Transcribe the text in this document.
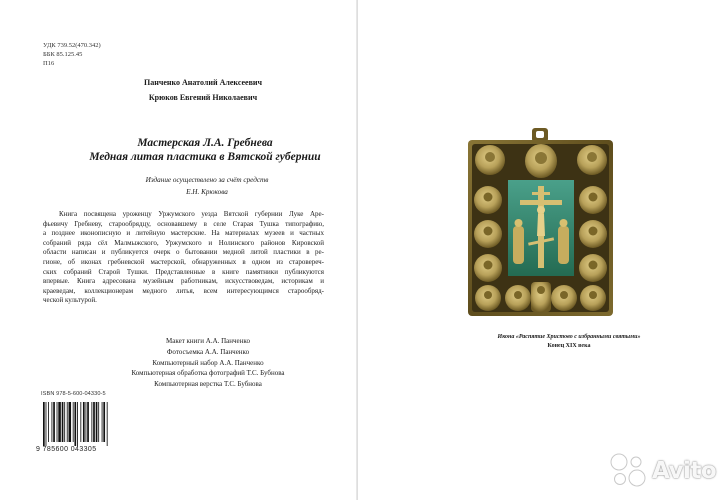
УДК 739.52(470.342)
ББК 85.125.45
П16
Панченко Анатолий Алексеевич
Крюков Евгений Николаевич
Мастерская Л.А. Гребнева
Медная литая пластика в Вятской губернии
Издание осуществлено за счёт средств
Е.Н. Крюкова
Книга посвящена уроженцу Уржумского уезда Вятской губернии Луке Аре-
фьевичу Гребневу, старообрядцу, основавшему в селе Старая Тушка типографию,
а позднее иконописную и литейную мастерские. На материалах музеев и частных
собраний ряда сёл Малмыжского, Уржумского и Нолинского районов Кировской
области написан и публикуется очерк о бытовании медной литой пластики в ре-
гионе, об иконах гребневской мастерской, обнаруженных в одном из старовереч-
ских собраний Старой Тушки. Представленные в книге памятники публикуются
впервые. Книга адресована музейным работникам, искусствоведам, историкам и
краеведам, коллекционерам медного литья, всем интересующимся старообряд-
ческой культурой.
Макет книги А.А. Панченко
Фотосъемка А.А. Панченко
Компьютерный набор А.А. Панченко
Компьютерная обработка фотографий Т.С. Бубнова
Компьютерная верстка Т.С. Бубнова
ISBN 978-5-600-04330-5
9 785600 043305
Икона «Распятие Христово с избранными святыми»
Конец XIX века
Avito
